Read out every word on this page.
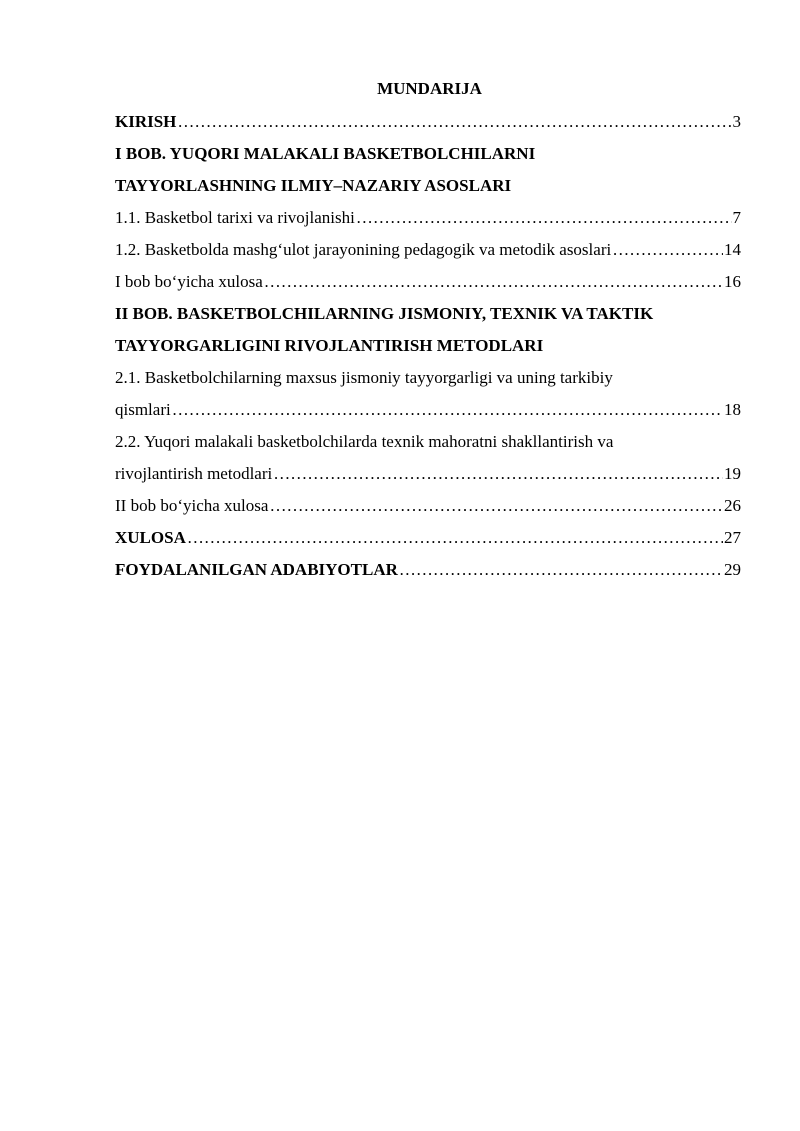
MUNDARIJA
KIRISH ……………………………………………………………………………………………………………………………………………………………………………………	3
I BOB. YUQORI MALAKALI BASKETBOLCHILARNI
TAYYORLASHNING ILMIY–NAZARIY ASOSLARI
1.1. Basketbol tarixi va rivojlanishi ……………………………………………………………………………………………………………………………………………………………………………………	7
1.2. Basketbolda mashg‘ulot jarayonining pedagogik va metodik asoslari ……………………………………………………………………………………………………………………………………………………………………………………	14
I bob bo‘yicha xulosa ……………………………………………………………………………………………………………………………………………………………………………………	16
II BOB. BASKETBOLCHILARNING JISMONIY, TEXNIK VA TAKTIK
TAYYORGARLIGINI RIVOJLANTIRISH METODLARI
2.1. Basketbolchilarning maxsus jismoniy tayyorgarligi va uning tarkibiy
qismlari ……………………………………………………………………………………………………………………………………………………………………………………	18
2.2. Yuqori malakali basketbolchilarda texnik mahoratni shakllantirish va
rivojlantirish metodlari ……………………………………………………………………………………………………………………………………………………………………………………	19
II bob bo‘yicha xulosa ……………………………………………………………………………………………………………………………………………………………………………………	26
XULOSA ……………………………………………………………………………………………………………………………………………………………………………………	27
FOYDALANILGAN ADABIYOTLAR ……………………………………………………………………………………………………………………………………………………………………………………	29
